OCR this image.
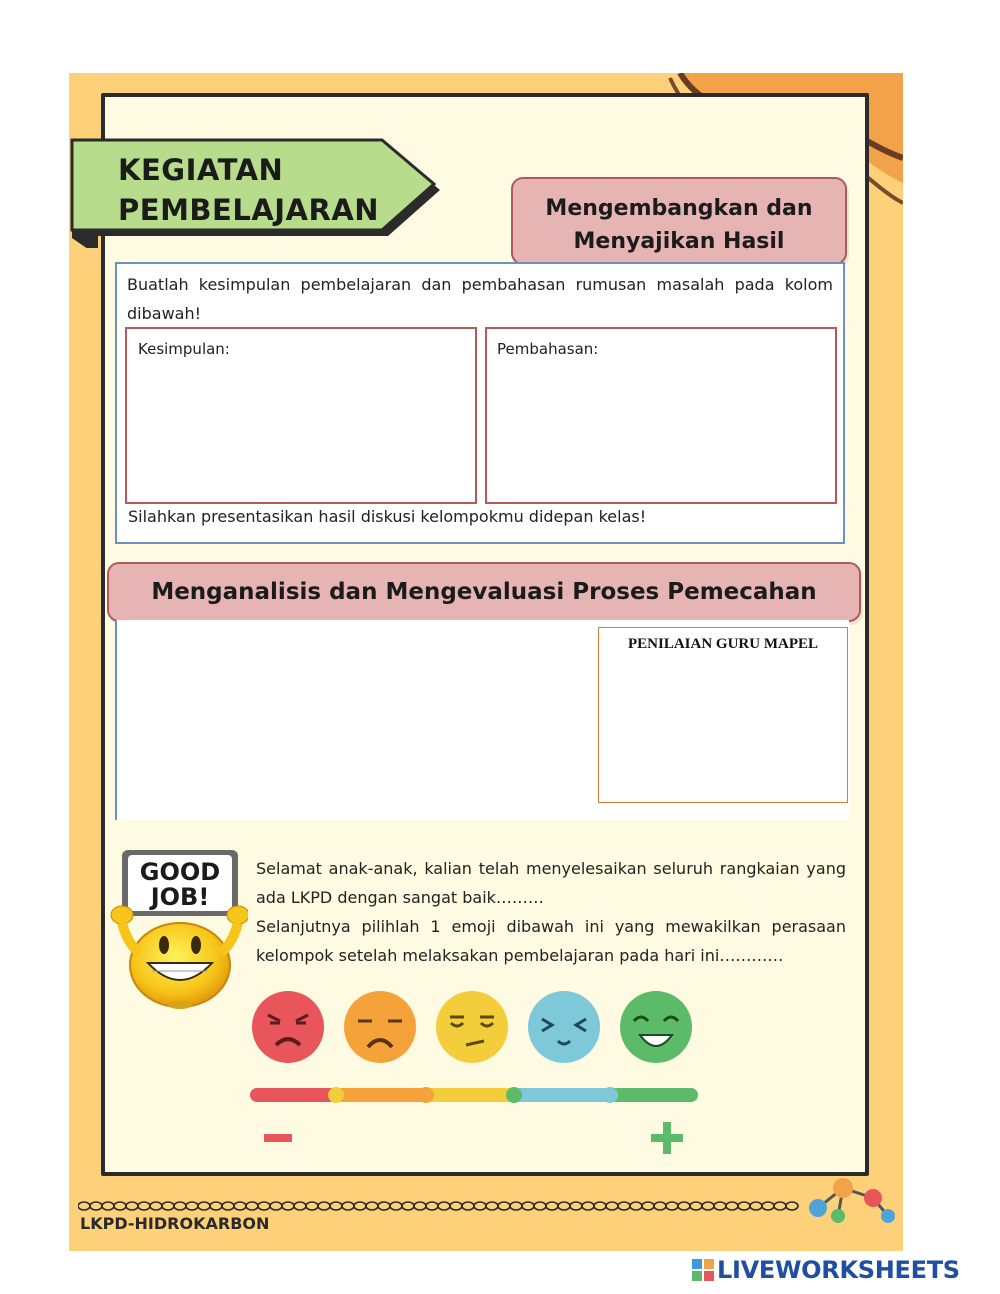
KEGIATAN
PEMBELAJARAN	Mengembangkan dan
Menyajikan Hasil
Buatlah kesimpulan pembelajaran dan pembahasan rumusan masalah pada kolom dibawah!
Kesimpulan:	Pembahasan:
Silahkan presentasikan hasil diskusi kelompokmu didepan kelas!
Menganalisis dan Mengevaluasi Proses Pemecahan
PENILAIAN GURU MAPEL
GOOD
JOB!
Selamat anak-anak, kalian telah menyelesaikan seluruh rangkaian yang ada LKPD dengan sangat baik………
Selanjutnya pilihlah 1 emoji dibawah ini yang mewakilkan perasaan kelompok setelah melaksakan pembelajaran pada hari ini…………
LKPD-HIDROKARBON
LIVEWORKSHEETS
